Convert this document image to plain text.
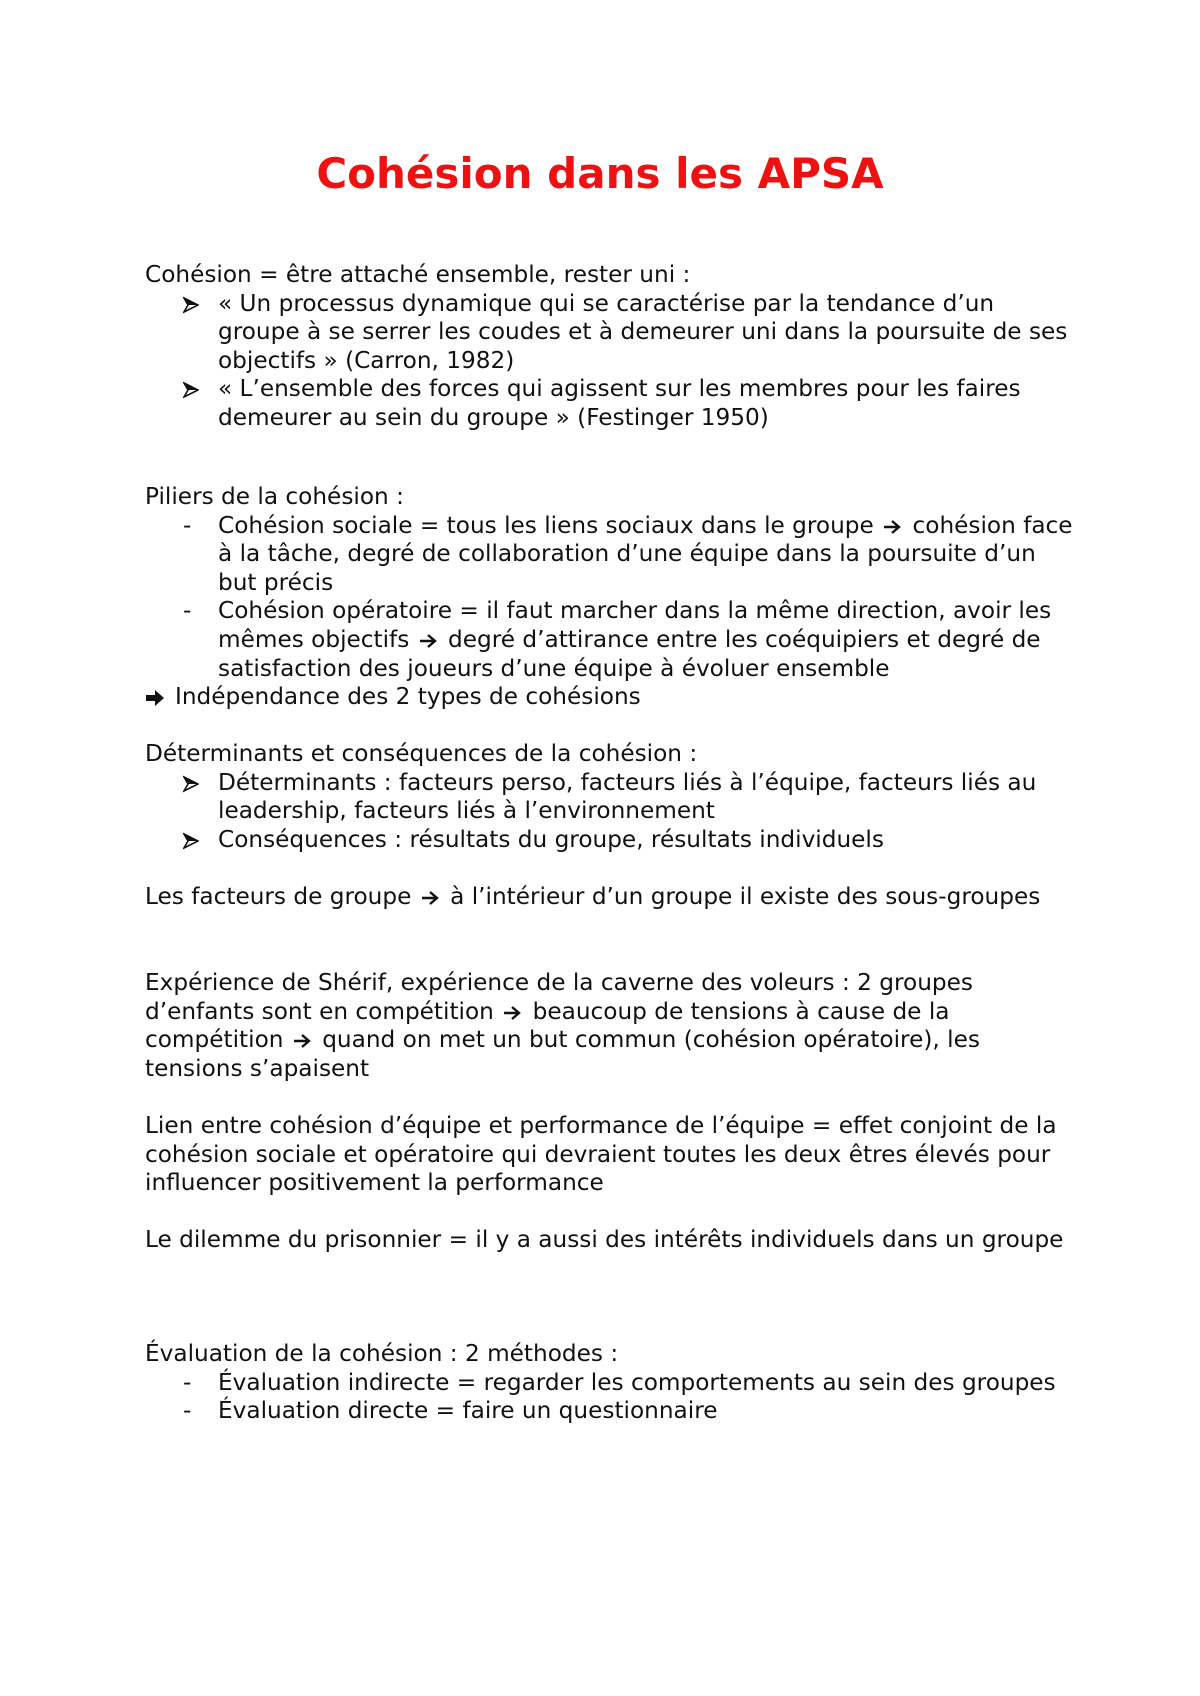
Cohésion dans les APSA

Cohésion = être attaché ensemble, rester uni :

« Un processus dynamique qui se caractérise par la tendance d’un groupe à se serrer les coudes et à demeurer uni dans la poursuite de ses objectifs » (Carron, 1982)
« L’ensemble des forces qui agissent sur les membres pour les faires demeurer au sein du groupe » (Festinger 1950)

Piliers de la cohésion :

- Cohésion sociale = tous les liens sociaux dans le groupe cohésion face à la tâche, degré de collaboration d’une équipe dans la poursuite d’un but précis
- Cohésion opératoire = il faut marcher dans la même direction, avoir les mêmes objectifs degré d’attirance entre les coéquipiers et degré de satisfaction des joueurs d’une équipe à évoluer ensemble
Indépendance des 2 types de cohésions

Déterminants et conséquences de la cohésion :

Déterminants : facteurs perso, facteurs liés à l’équipe, facteurs liés au leadership, facteurs liés à l’environnement
Conséquences : résultats du groupe, résultats individuels

Les facteurs de groupe à l’intérieur d’un groupe il existe des sous-groupes

Expérience de Shérif, expérience de la caverne des voleurs : 2 groupes d’enfants sont en compétition beaucoup de tensions à cause de la compétition quand on met un but commun (cohésion opératoire), les tensions s’apaisent

Lien entre cohésion d’équipe et performance de l’équipe = effet conjoint de la cohésion sociale et opératoire qui devraient toutes les deux êtres élevés pour influencer positivement la performance

Le dilemme du prisonnier = il y a aussi des intérêts individuels dans un groupe

Évaluation de la cohésion : 2 méthodes :

- Évaluation indirecte = regarder les comportements au sein des groupes
- Évaluation directe = faire un questionnaire
